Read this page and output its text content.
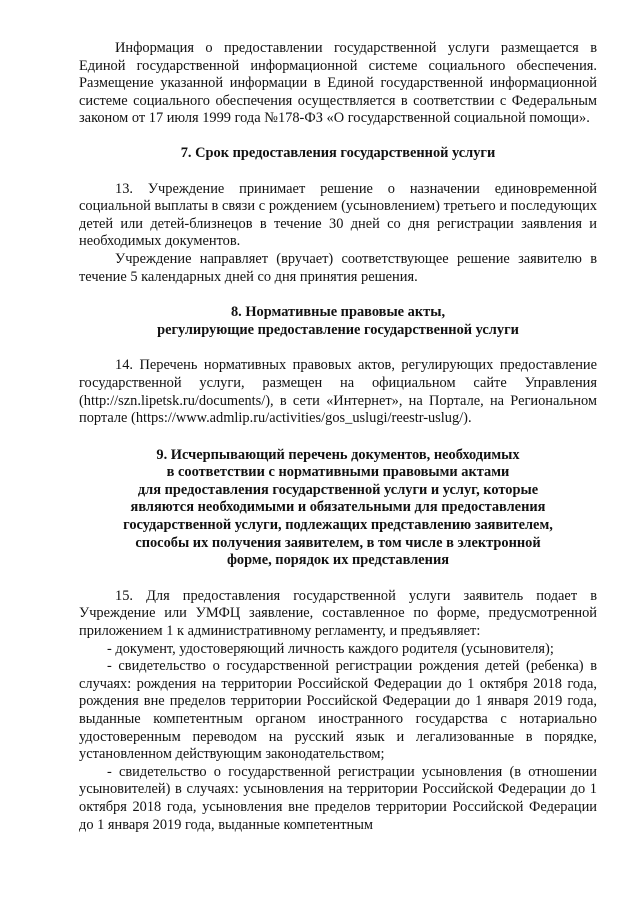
Информация о предоставлении государственной услуги размещается в Единой государственной информационной системе социального обеспечения. Размещение указанной информации в Единой государственной информационной системе социального обеспечения осуществляется в соответствии с Федеральным законом от 17 июля 1999 года №178-ФЗ «О государственной социальной помощи».

7. Срок предоставления государственной услуги

13. Учреждение принимает решение о назначении единовременной социальной выплаты в связи с рождением (усыновлением) третьего и последующих детей или детей-близнецов в течение 30 дней со дня регистрации заявления и необходимых документов.

Учреждение направляет (вручает) соответствующее решение заявителю в течение 5 календарных дней со дня принятия решения.

8. Нормативные правовые акты,

регулирующие предоставление государственной услуги

14. Перечень нормативных правовых актов, регулирующих предоставление государственной услуги, размещен на официальном сайте Управления (http://szn.lipetsk.ru/documents/), в сети «Интернет», на Портале, на Региональном портале (https://www.admlip.ru/activities/gos_uslugi/reestr-uslug/).

9. Исчерпывающий перечень документов, необходимых

в соответствии с нормативными правовыми актами

для предоставления государственной услуги и услуг, которые

являются необходимыми и обязательными для предоставления

государственной услуги, подлежащих представлению заявителем,

способы их получения заявителем, в том числе в электронной

форме, порядок их представления

15. Для предоставления государственной услуги заявитель подает в Учреждение или УМФЦ заявление, составленное по форме, предусмотренной приложением 1 к административному регламенту, и предъявляет:

- документ, удостоверяющий личность каждого родителя (усыновителя);

- свидетельство о государственной регистрации рождения детей (ребенка) в случаях: рождения на территории Российской Федерации до 1 октября 2018 года, рождения вне пределов территории Российской Федерации до 1 января 2019 года, выданные компетентным органом иностранного государства с нотариально удостоверенным переводом на русский язык и легализованные в порядке, установленном действующим законодательством;

- свидетельство о государственной регистрации усыновления (в отношении усыновителей) в случаях: усыновления на территории Российской Федерации до 1 октября 2018 года, усыновления вне пределов территории Российской Федерации до 1 января 2019 года, выданные компетентным
